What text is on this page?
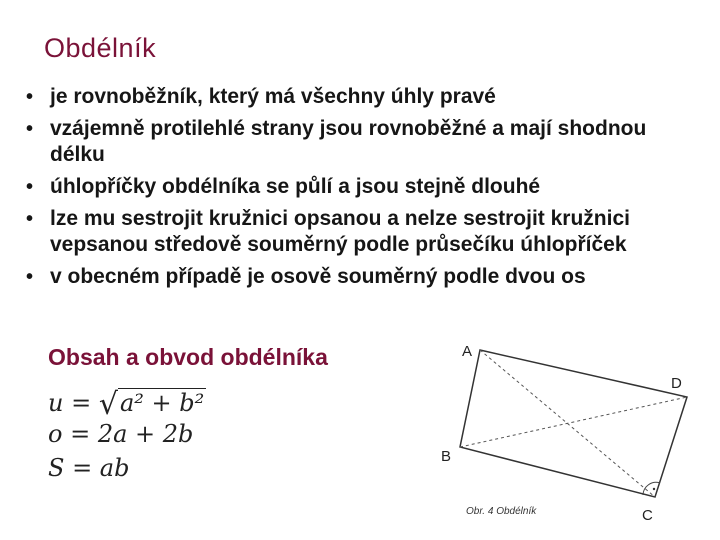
Obdélník
• je rovnoběžník, který má všechny úhly pravé
• vzájemně protilehlé strany jsou rovnoběžné a mají shodnou délku
• úhlopříčky obdélníka se půlí a jsou stejně dlouhé
• lze mu sestrojit kružnici opsanou a nelze sestrojit kružnici vepsanou středově souměrný podle průsečíku úhlopříček
• v obecném případě je osově souměrný podle dvou os
Obsah a obvod obdélníka
u = √a² + b²
o = 2a + 2b
S = ab
A
D
B
C
Obr. 4 Obdélník
